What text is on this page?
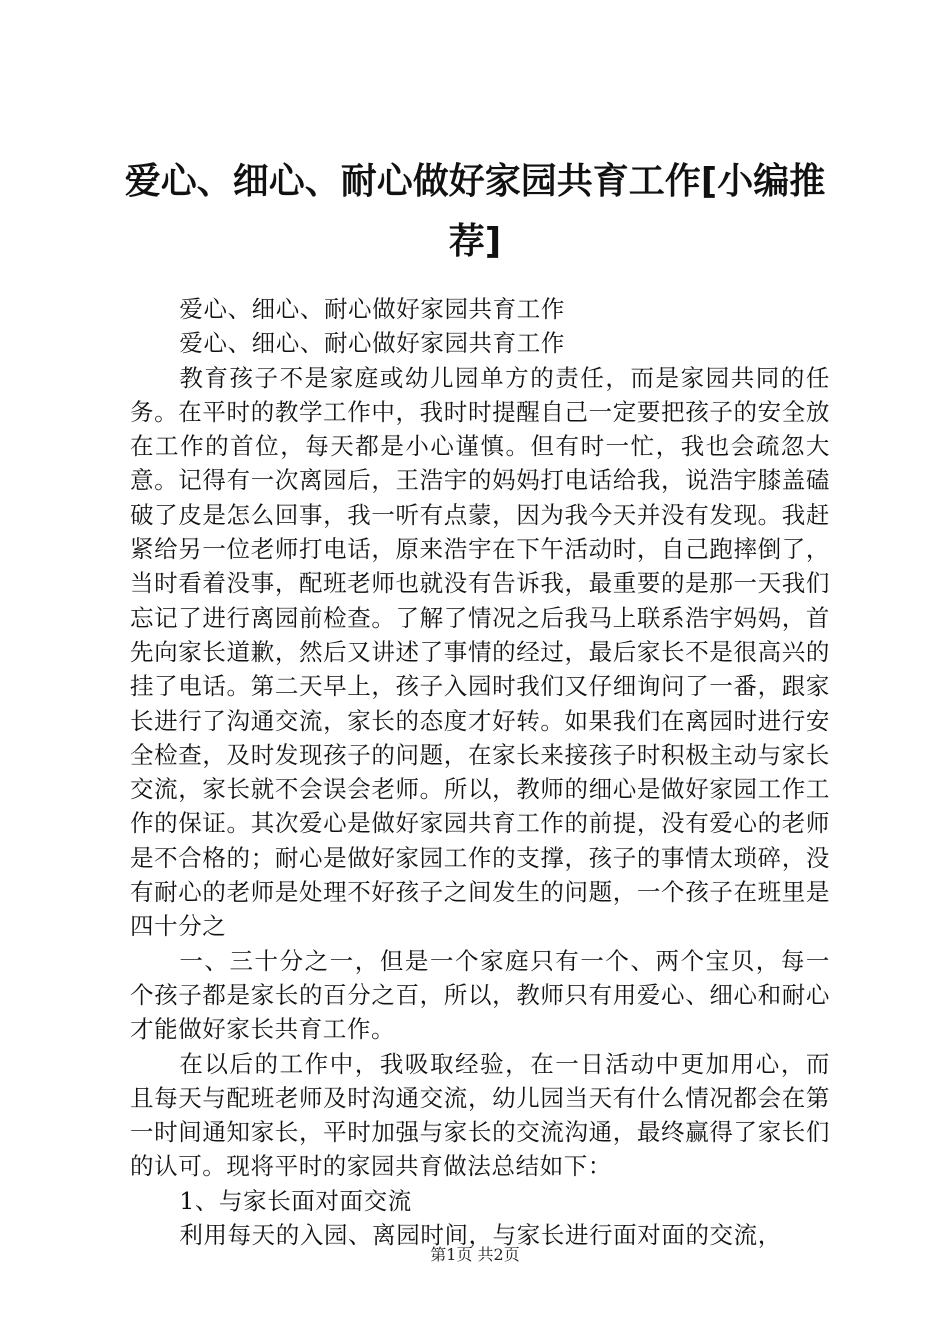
爱心、细心、耐心做好家园共育工作[小编推荐]

爱心、细心、耐心做好家园共育工作

爱心、细心、耐心做好家园共育工作

教育孩子不是家庭或幼儿园单方的责任，而是家园共同的任务。在平时的教学工作中，我时时提醒自己一定要把孩子的安全放在工作的首位，每天都是小心谨慎。但有时一忙，我也会疏忽大意。记得有一次离园后，王浩宇的妈妈打电话给我，说浩宇膝盖磕破了皮是怎么回事，我一听有点蒙，因为我今天并没有发现。我赶紧给另一位老师打电话，原来浩宇在下午活动时，自己跑摔倒了，当时看着没事，配班老师也就没有告诉我，最重要的是那一天我们忘记了进行离园前检查。了解了情况之后我马上联系浩宇妈妈，首先向家长道歉，然后又讲述了事情的经过，最后家长不是很高兴的挂了电话。第二天早上，孩子入园时我们又仔细询问了一番，跟家长进行了沟通交流，家长的态度才好转。如果我们在离园时进行安全检查，及时发现孩子的问题，在家长来接孩子时积极主动与家长交流，家长就不会误会老师。所以，教师的细心是做好家园工作工作的保证。其次爱心是做好家园共育工作的前提，没有爱心的老师是不合格的；耐心是做好家园工作的支撑，孩子的事情太琐碎，没有耐心的老师是处理不好孩子之间发生的问题，一个孩子在班里是四十分之

一、三十分之一，但是一个家庭只有一个、两个宝贝，每一个孩子都是家长的百分之百，所以，教师只有用爱心、细心和耐心才能做好家长共育工作。

在以后的工作中，我吸取经验，在一日活动中更加用心，而且每天与配班老师及时沟通交流，幼儿园当天有什么情况都会在第一时间通知家长，平时加强与家长的交流沟通，最终赢得了家长们的认可。现将平时的家园共育做法总结如下：

1、与家长面对面交流

利用每天的入园、离园时间，与家长进行面对面的交流，

第1页 共2页
